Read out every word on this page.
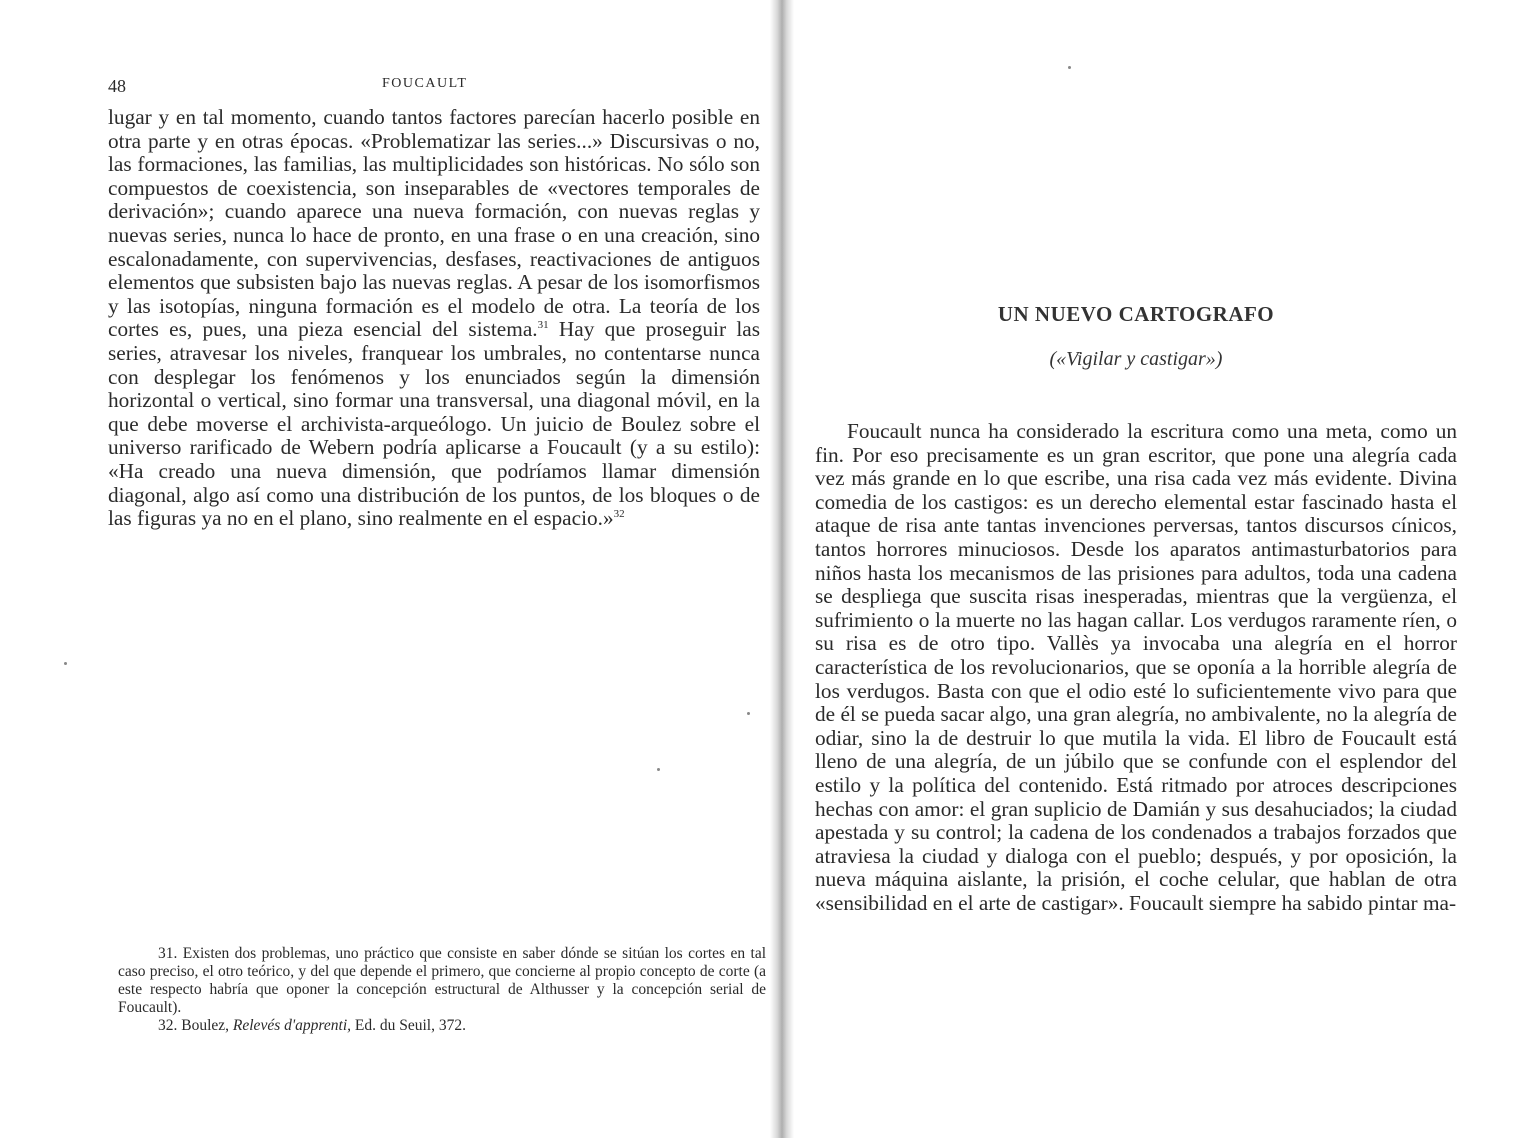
48	FOUCAULT

lugar y en tal momento, cuando tantos factores parecían hacerlo posible en otra parte y en otras épocas. «Problematizar las series...» Discursivas o no, las formaciones, las familias, las multiplicidades son históricas. No sólo son compuestos de coexistencia, son inseparables de «vectores temporales de derivación»; cuando aparece una nueva formación, con nuevas reglas y nuevas series, nunca lo hace de pronto, en una frase o en una creación, sino escalonadamente, con supervivencias, desfases, reactivaciones de antiguos elementos que subsisten bajo las nuevas reglas. A pesar de los isomorfismos y las isotopías, ninguna formación es el modelo de otra. La teoría de los cortes es, pues, una pieza esencial del sistema.$^{31}$ Hay que proseguir las series, atravesar los niveles, franquear los umbrales, no contentarse nunca con desplegar los fenómenos y los enunciados según la dimensión horizontal o vertical, sino formar una transversal, una diagonal móvil, en la que debe moverse el archivista-arqueólogo. Un juicio de Boulez sobre el universo rarificado de Webern podría aplicarse a Foucault (y a su estilo): «Ha creado una nueva dimensión, que podríamos llamar dimensión diagonal, algo así como una distribución de los puntos, de los bloques o de las figuras ya no en el plano, sino realmente en el espacio.»$^{32}$

31. Existen dos problemas, uno práctico que consiste en saber dónde se sitúan los cortes en tal caso preciso, el otro teórico, y del que depende el primero, que concierne al propio concepto de corte (a este respecto habría que oponer la concepción estructural de Althusser y la concepción serial de Foucault).

32. Boulez, Relevés d'apprenti, Ed. du Seuil, 372.

UN NUEVO CARTOGRAFO
(«Vigilar y castigar»)

Foucault nunca ha considerado la escritura como una meta, como un fin. Por eso precisamente es un gran escritor, que pone una alegría cada vez más grande en lo que escribe, una risa cada vez más evidente. Divina comedia de los castigos: es un derecho elemental estar fascinado hasta el ataque de risa ante tantas invenciones perversas, tantos discursos cínicos, tantos horrores minuciosos. Desde los aparatos antimasturbatorios para niños hasta los mecanismos de las prisiones para adultos, toda una cadena se despliega que suscita risas inesperadas, mientras que la vergüenza, el sufrimiento o la muerte no las hagan callar. Los verdugos raramente ríen, o su risa es de otro tipo. Vallès ya invocaba una alegría en el horror característica de los revolucionarios, que se oponía a la horrible alegría de los verdugos. Basta con que el odio esté lo suficientemente vivo para que de él se pueda sacar algo, una gran alegría, no ambivalente, no la alegría de odiar, sino la de destruir lo que mutila la vida. El libro de Foucault está lleno de una alegría, de un júbilo que se confunde con el esplendor del estilo y la política del contenido. Está ritmado por atroces descripciones hechas con amor: el gran suplicio de Damián y sus desahuciados; la ciudad apestada y su control; la cadena de los condenados a trabajos forzados que atraviesa la ciudad y dialoga con el pueblo; después, y por oposición, la nueva máquina aislante, la prisión, el coche celular, que hablan de otra «sensibilidad en el arte de castigar». Foucault siempre ha sabido pintar ma-
